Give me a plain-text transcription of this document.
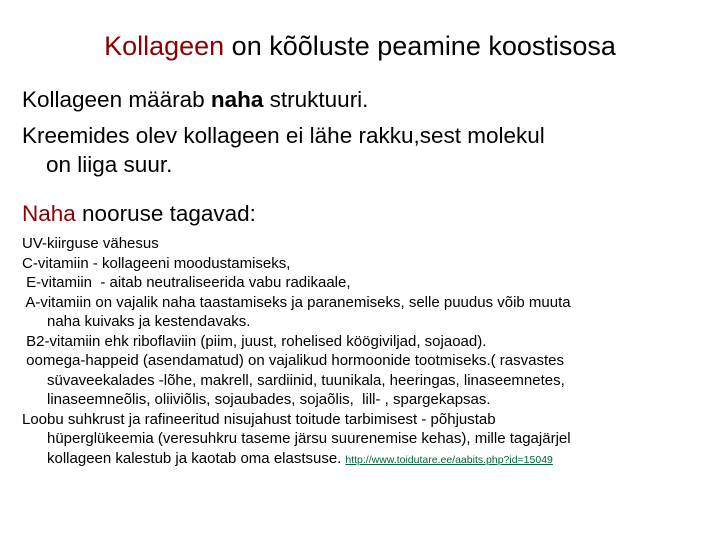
Kollageen on kõõluste peamine koostisosa
Kollageen määrab naha struktuuri.
Kreemides olev kollageen ei lähe rakku,sest molekul
on liiga suur.
Naha nooruse tagavad:
UV-kiirguse vähesus
C-vitamiin - kollageeni moodustamiseks,
E-vitamiin  - aitab neutraliseerida vabu radikaale,
A-vitamiin on vajalik naha taastamiseks ja paranemiseks, selle puudus võib muuta
naha kuivaks ja kestendavaks.
B2-vitamiin ehk riboflaviin (piim, juust, rohelised köögiviljad, sojaoad).
oomega-happeid (asendamatud) on vajalikud hormoonide tootmiseks.( rasvastes
süvaveekalades -lõhe, makrell, sardiinid, tuunikala, heeringas, linaseemnetes,
linaseemneõlis, oliiviõlis, sojaubades, sojaõlis,  lill- , spargekapsas.
Loobu suhkrust ja rafineeritud nisujahust toitude tarbimisest - põhjustab
hüperglükeemia (veresuhkru taseme järsu suurenemise kehas), mille tagajärjel
kollageen kalestub ja kaotab oma elastsuse. http://www.toidutare.ee/aabits.php?id=15049
